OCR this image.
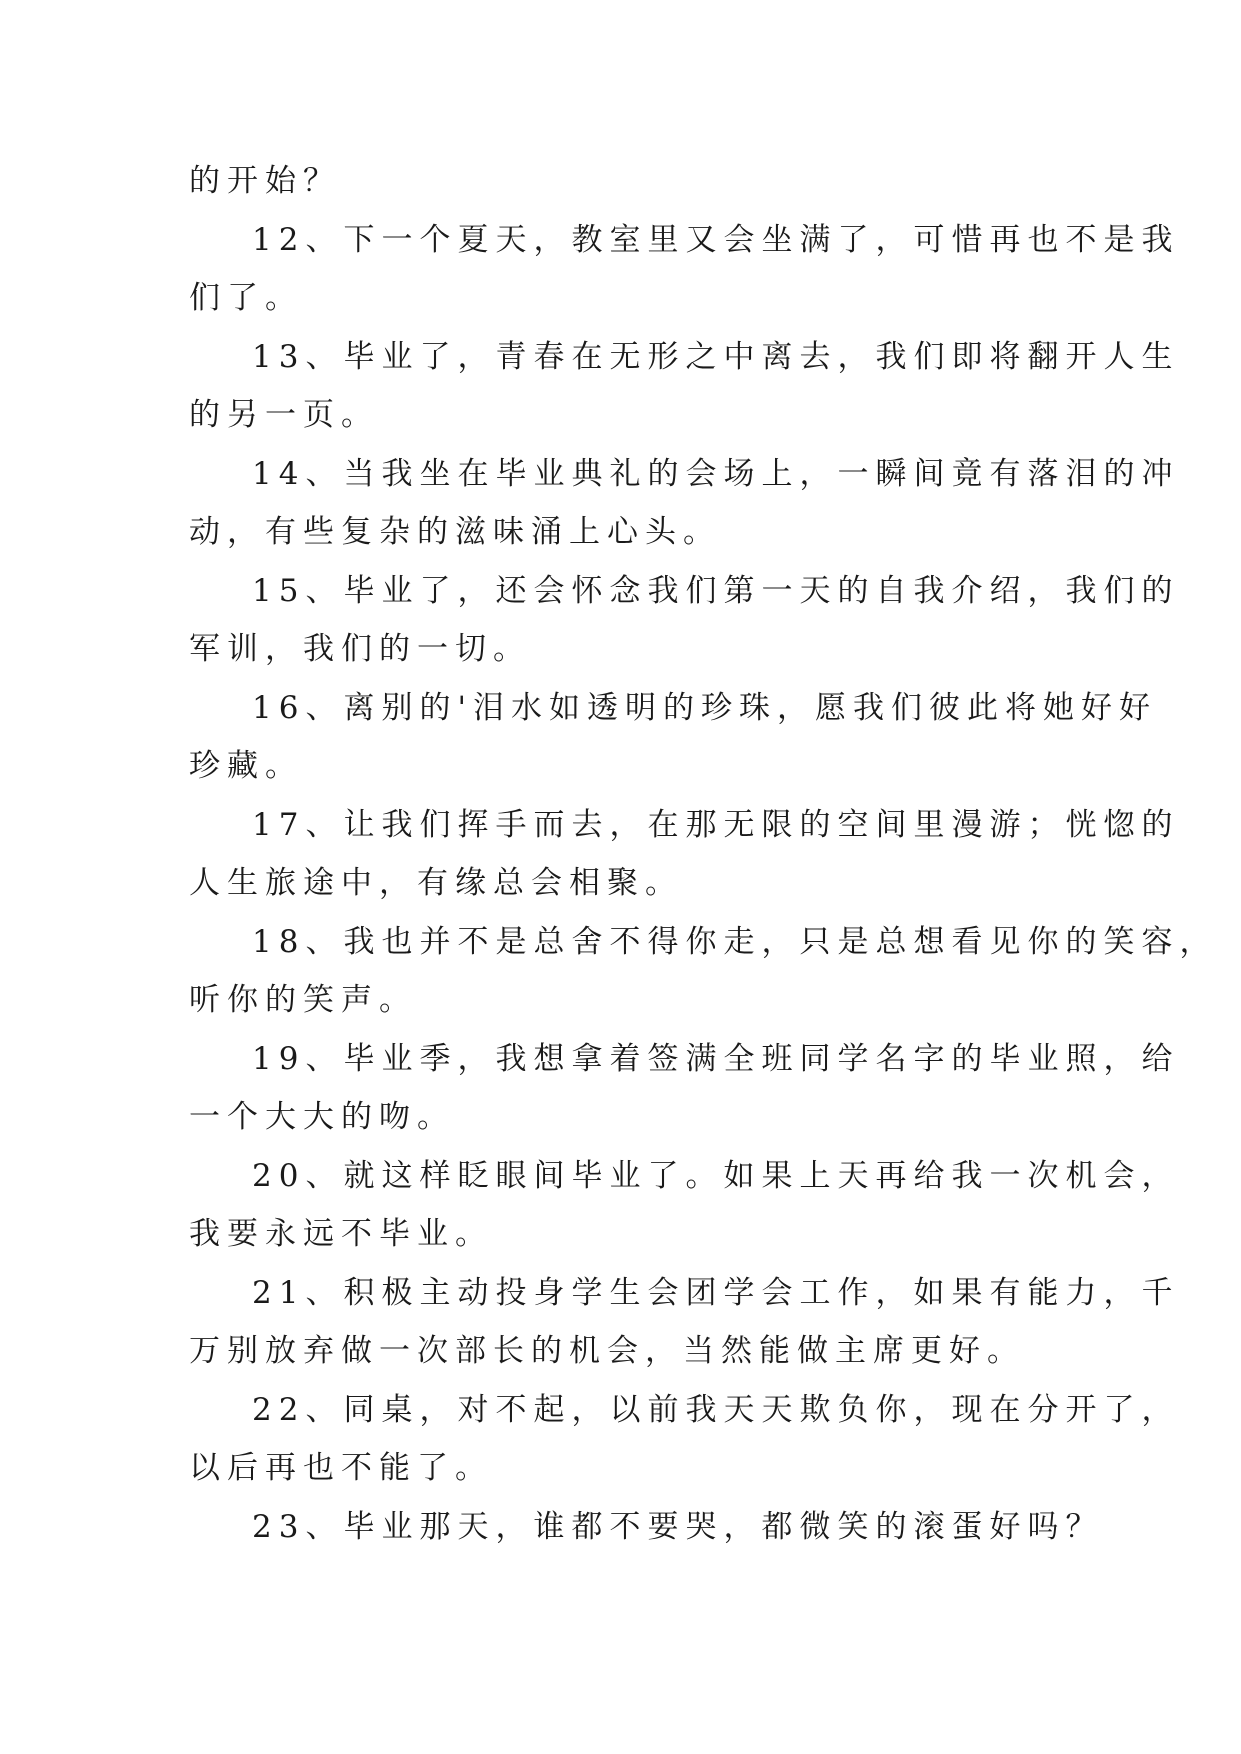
的开始？
12、下一个夏天，教室里又会坐满了，可惜再也不是我
们了。
13、毕业了，青春在无形之中离去，我们即将翻开人生
的另一页。
14、当我坐在毕业典礼的会场上，一瞬间竟有落泪的冲
动，有些复杂的滋味涌上心头。
15、毕业了，还会怀念我们第一天的自我介绍，我们的
军训，我们的一切。
16、离别的'泪水如透明的珍珠，愿我们彼此将她好好
珍藏。
17、让我们挥手而去，在那无限的空间里漫游；恍惚的
人生旅途中，有缘总会相聚。
18、我也并不是总舍不得你走，只是总想看见你的笑容，
听你的笑声。
19、毕业季，我想拿着签满全班同学名字的毕业照，给
一个大大的吻。
20、就这样眨眼间毕业了。如果上天再给我一次机会，
我要永远不毕业。
21、积极主动投身学生会团学会工作，如果有能力，千
万别放弃做一次部长的机会，当然能做主席更好。
22、同桌，对不起，以前我天天欺负你，现在分开了，
以后再也不能了。
23、毕业那天，谁都不要哭，都微笑的滚蛋好吗？
